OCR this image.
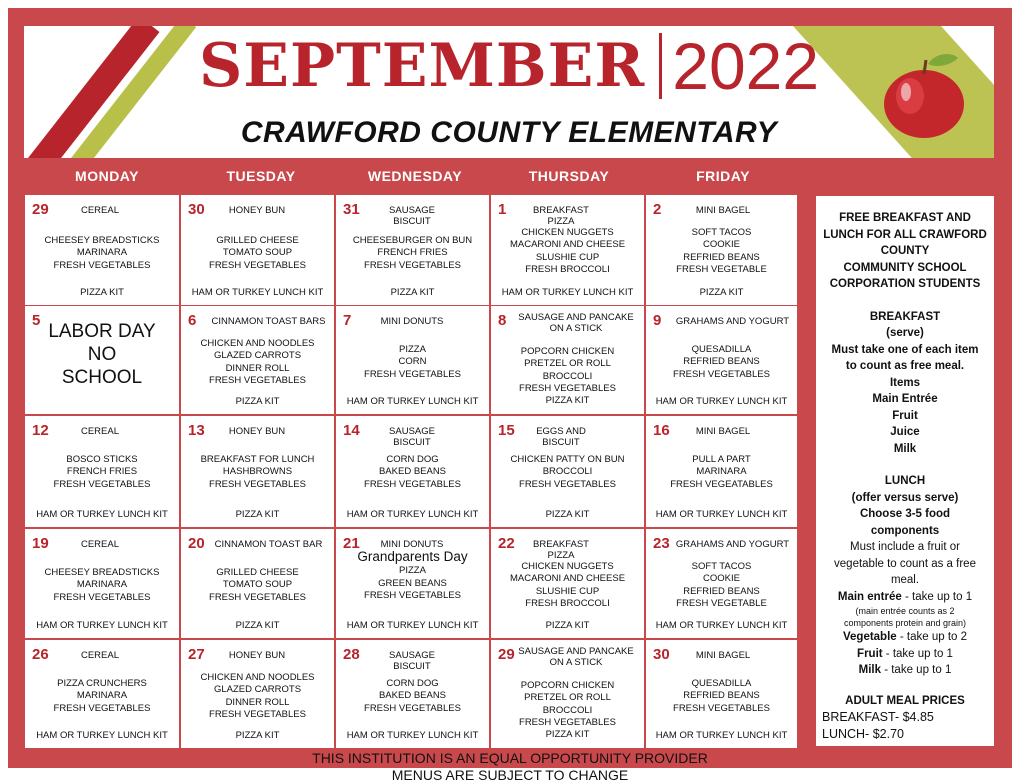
SEPTEMBER 2022
CRAWFORD COUNTY ELEMENTARY
MONDAY	TUESDAY	WEDNESDAY	THURSDAY	FRIDAY
29	CEREAL
CHEESEY BREADSTICKS
MARINARA
FRESH VEGETABLES
PIZZA KIT
30	HONEY BUN
GRILLED CHEESE
TOMATO SOUP
FRESH VEGETABLES
HAM OR TURKEY LUNCH KIT
31	SAUSAGE BISCUIT
CHEESEBURGER ON BUN
FRENCH FRIES
FRESH VEGETABLES
PIZZA KIT
1	BREAKFAST PIZZA
CHICKEN NUGGETS
MACARONI AND CHEESE
SLUSHIE CUP
FRESH BROCCOLI
HAM OR TURKEY LUNCH KIT
2	MINI BAGEL
SOFT TACOS
COOKIE
REFRIED BEANS
FRESH VEGETABLE
PIZZA KIT
5
LABOR DAY
NO
SCHOOL
6	CINNAMON TOAST BARS
CHICKEN AND NOODLES
GLAZED CARROTS
DINNER ROLL
FRESH VEGETABLES
PIZZA KIT
7	MINI DONUTS
PIZZA
CORN
FRESH VEGETABLES
HAM OR TURKEY LUNCH KIT
8	SAUSAGE AND PANCAKE ON A STICK
POPCORN CHICKEN
PRETZEL OR ROLL
BROCCOLI
FRESH VEGETABLES
PIZZA KIT
9	GRAHAMS AND YOGURT
QUESADILLA
REFRIED BEANS
FRESH VEGETABLES
HAM OR TURKEY LUNCH KIT
12	CEREAL
BOSCO STICKS
FRENCH FRIES
FRESH VEGETABLES
HAM OR TURKEY LUNCH KIT
13	HONEY BUN
BREAKFAST FOR LUNCH
HASHBROWNS
FRESH VEGETABLES
PIZZA KIT
14	SAUSAGE BISCUIT
CORN DOG
BAKED BEANS
FRESH VEGETABLES
HAM OR TURKEY LUNCH KIT
15	EGGS AND BISCUIT
CHICKEN PATTY ON BUN
BROCCOLI
FRESH VEGETABLES
PIZZA KIT
16	MINI BAGEL
PULL A PART
MARINARA
FRESH VEGEATABLES
HAM OR TURKEY LUNCH KIT
19	CEREAL
CHEESEY BREADSTICKS
MARINARA
FRESH VEGETABLES
HAM OR TURKEY LUNCH KIT
20	CINNAMON TOAST BAR
GRILLED CHEESE
TOMATO SOUP
FRESH VEGETABLES
PIZZA KIT
21	MINI DONUTS
Grandparents Day
PIZZA
GREEN BEANS
FRESH VEGETABLES
HAM OR TURKEY LUNCH KIT
22	BREAKFAST PIZZA
CHICKEN NUGGETS
MACARONI AND CHEESE
SLUSHIE CUP
FRESH BROCCOLI
PIZZA KIT
23 GRAHAMS AND YOGURT
SOFT TACOS
COOKIE
REFRIED BEANS
FRESH VEGETABLE
HAM OR TURKEY LUNCH KIT
26	CEREAL
PIZZA CRUNCHERS
MARINARA
FRESH VEGETABLES
HAM OR TURKEY LUNCH KIT
27	HONEY BUN
CHICKEN AND NOODLES
GLAZED CARROTS
DINNER ROLL
FRESH VEGETABLES
PIZZA KIT
28	SAUSAGE BISCUIT
CORN DOG
BAKED BEANS
FRESH VEGETABLES
HAM OR TURKEY LUNCH KIT
29 SAUSAGE AND PANCAKE ON A STICK
POPCORN CHICKEN
PRETZEL OR ROLL
BROCCOLI
FRESH VEGETABLES
PIZZA KIT
30	MINI BAGEL
QUESADILLA
REFRIED BEANS
FRESH VEGETABLES
HAM OR TURKEY LUNCH KIT

FREE BREAKFAST AND

LUNCH FOR ALL CRAWFORD

COUNTY

COMMUNITY SCHOOL

CORPORATION STUDENTS

BREAKFAST

(serve)

Must take one of each item

to count as free meal.

Items

Main Entrée

Fruit

Juice

Milk

LUNCH

(offer versus serve)

Choose 3-5 food

components

Must include a fruit or

vegetable to count as a free

meal.

Main entrée - take up to 1

(main entrée counts as 2

components protein and grain)

Vegetable - take up to 2

Fruit - take up to 1

Milk - take up to 1

ADULT MEAL PRICES

BREAKFAST- $4.85

LUNCH- $2.70

THIS INSTITUTION IS AN EQUAL OPPORTUNITY PROVIDER
MENUS ARE SUBJECT TO CHANGE
